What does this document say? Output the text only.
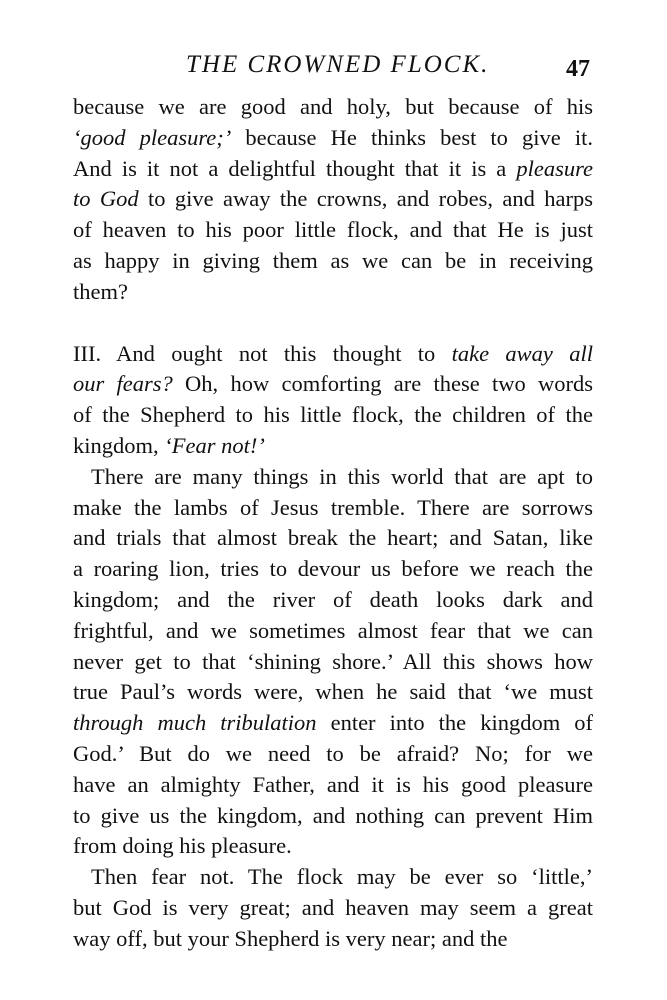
THE CROWNED FLOCK.	47
because we are good and holy, but because of his
‘good pleasure;’ because He thinks best to give it.
And is it not a delightful thought that it is a pleasure
to God to give away the crowns, and robes, and harps
of heaven to his poor little flock, and that He is just
as happy in giving them as we can be in receiving
them?
III. And ought not this thought to take away all
our fears? Oh, how comforting are these two words
of the Shepherd to his little flock, the children of the
kingdom, ‘Fear not!’
There are many things in this world that are apt to
make the lambs of Jesus tremble. There are sorrows
and trials that almost break the heart; and Satan, like
a roaring lion, tries to devour us before we reach the
kingdom; and the river of death looks dark and
frightful, and we sometimes almost fear that we can
never get to that ‘shining shore.’ All this shows how
true Paul’s words were, when he said that ‘we must
through much tribulation enter into the kingdom of
God.’ But do we need to be afraid? No; for we
have an almighty Father, and it is his good pleasure
to give us the kingdom, and nothing can prevent Him
from doing his pleasure.
Then fear not. The flock may be ever so ‘little,’
but God is very great; and heaven may seem a great
way off, but your Shepherd is very near; and the
